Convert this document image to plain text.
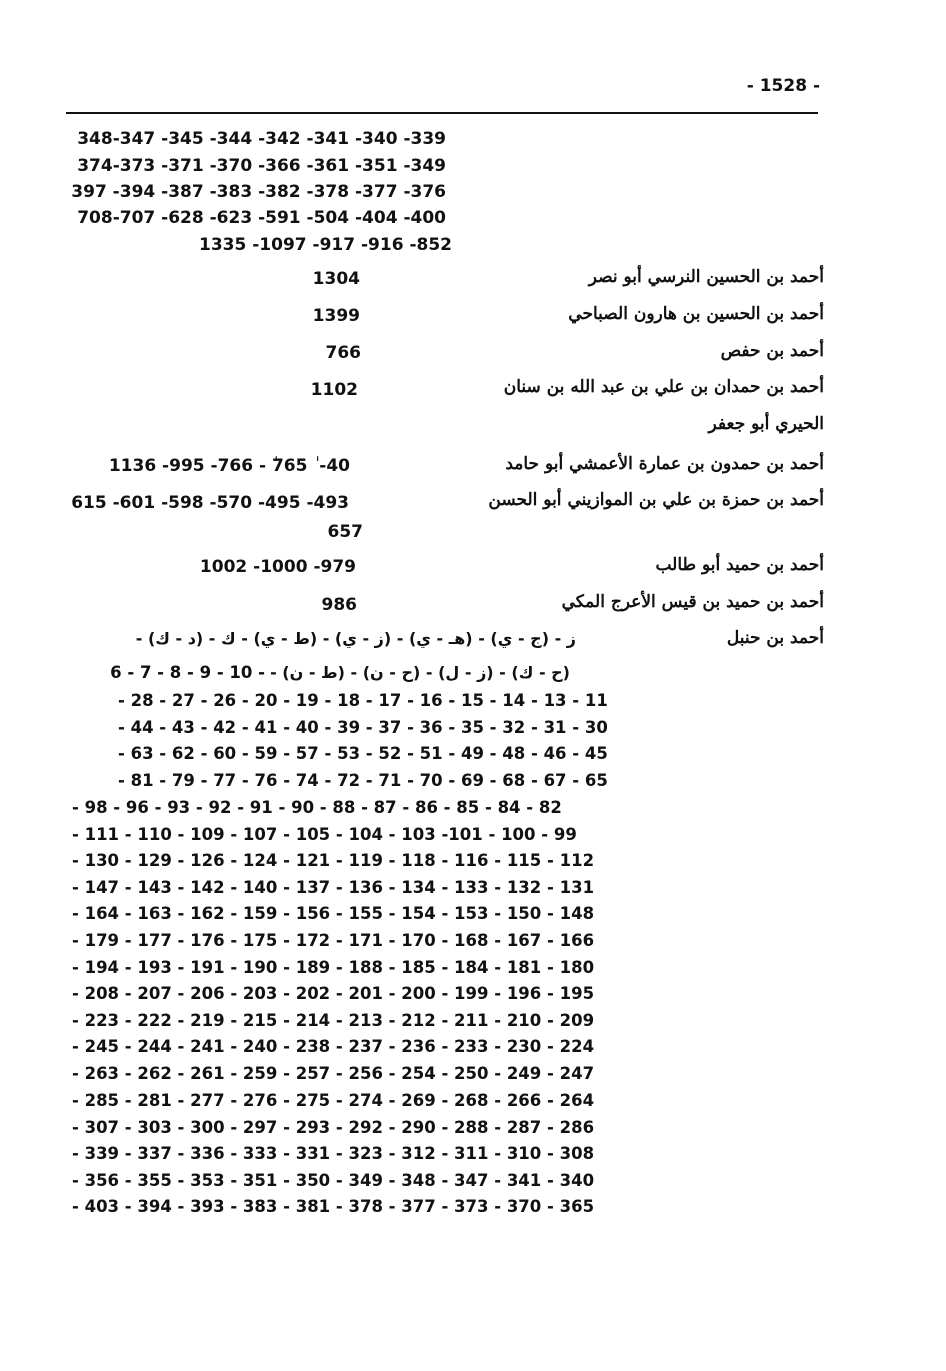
- 1528 -
348-347 -345 -344 -342 -341 -340 -339
374-373 -371 -370 -366 -361 -351 -349
397 -394 -387 -383 -382 -378 -377 -376
708-707 -628 -623 -591 -504 -404 -400
1335 -1097 -917 -916 -852
أحمد بن الحسين النرسي أبو نصر
1304
أحمد بن الحسين بن هارون الصباحي
1399
أحمد بن حفص
766
أحمد بن حمدان بن علي بن عبد الله بن سنان
1102
الحيري أبو جعفر
أحمد بن حمدون بن عمارة الأعمشي أبو حامد
1136 -995 -766 - ٰ765 ٰ -40
أحمد بن حمزة بن علي بن الموازيني أبو الحسن
615 -601 -598 -570 -495 -493
657
أحمد بن حميد أبو طالب
1002 -1000 -979
أحمد بن حميد بن قيس الأعرج المكي
986
أحمد بن حنبل
ز - (ج - ي) - (هـ - ي) - (ز - ي) - (ط - ي) - ك - (د - ك) -
6 - 7 - 8 - 9 - 10 - (ح - ك) - (ز - ل) - (ح - ن) - (ط - ن) -
- 28 - 27 - 26 - 20 - 19 - 18 - 17 - 16 - 15 - 14 - 13 - 11
- 44 - 43 - 42 - 41 - 40 - 39 - 37 - 36 - 35 - 32 - 31 - 30
- 63 - 62 - 60 - 59 - 57 - 53 - 52 - 51 - 49 - 48 - 46 - 45
- 81 - 79 - 77 - 76 - 74 - 72 - 71 - 70 - 69 - 68 - 67 - 65
- 98 - 96 - 93 - 92 - 91 - 90 - 88 - 87 - 86 - 85 - 84 - 82
- 111 - 110 - 109 - 107 - 105 - 104 - 103 -101 - 100 - 99
- 130 - 129 - 126 - 124 - 121 - 119 - 118 - 116 - 115 - 112
- 147 - 143 - 142 - 140 - 137 - 136 - 134 - 133 - 132 - 131
- 164 - 163 - 162 - 159 - 156 - 155 - 154 - 153 - 150 - 148
- 179 - 177 - 176 - 175 - 172 - 171 - 170 - 168 - 167 - 166
- 194 - 193 - 191 - 190 - 189 - 188 - 185 - 184 - 181 - 180
- 208 - 207 - 206 - 203 - 202 - 201 - 200 - 199 - 196 - 195
- 223 - 222 - 219 - 215 - 214 - 213 - 212 - 211 - 210 - 209
- 245 - 244 - 241 - 240 - 238 - 237 - 236 - 233 - 230 - 224
- 263 - 262 - 261 - 259 - 257 - 256 - 254 - 250 - 249 - 247
- 285 - 281 - 277 - 276 - 275 - 274 - 269 - 268 - 266 - 264
- 307 - 303 - 300 - 297 - 293 - 292 - 290 - 288 - 287 - 286
- 339 - 337 - 336 - 333 - 331 - 323 - 312 - 311 - 310 - 308
- 356 - 355 - 353 - 351 - 350 - 349 - 348 - 347 - 341 - 340
- 403 - 394 - 393 - 383 - 381 - 378 - 377 - 373 - 370 - 365
